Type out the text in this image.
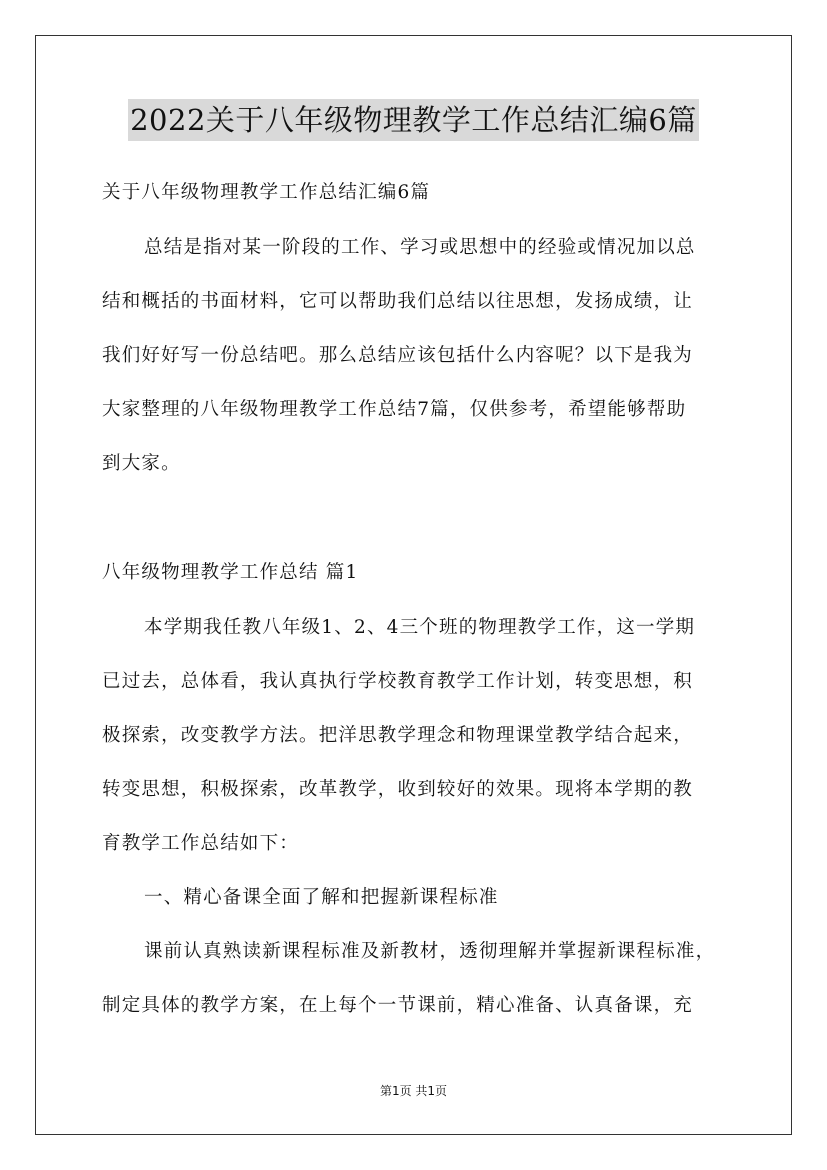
2022关于八年级物理教学工作总结汇编6篇
关于八年级物理教学工作总结汇编6篇
总结是指对某一阶段的工作、学习或思想中的经验或情况加以总
结和概括的书面材料，它可以帮助我们总结以往思想，发扬成绩，让
我们好好写一份总结吧。那么总结应该包括什么内容呢？以下是我为
大家整理的八年级物理教学工作总结7篇，仅供参考，希望能够帮助
到大家。
八年级物理教学工作总结 篇1
本学期我任教八年级1、2、4三个班的物理教学工作，这一学期
已过去，总体看，我认真执行学校教育教学工作计划，转变思想，积
极探索，改变教学方法。把洋思教学理念和物理课堂教学结合起来，
转变思想，积极探索，改革教学，收到较好的效果。现将本学期的教
育教学工作总结如下：
一、精心备课全面了解和把握新课程标准
课前认真熟读新课程标准及新教材，透彻理解并掌握新课程标准，
制定具体的教学方案，在上每个一节课前，精心准备、认真备课，充
第1页 共1页
